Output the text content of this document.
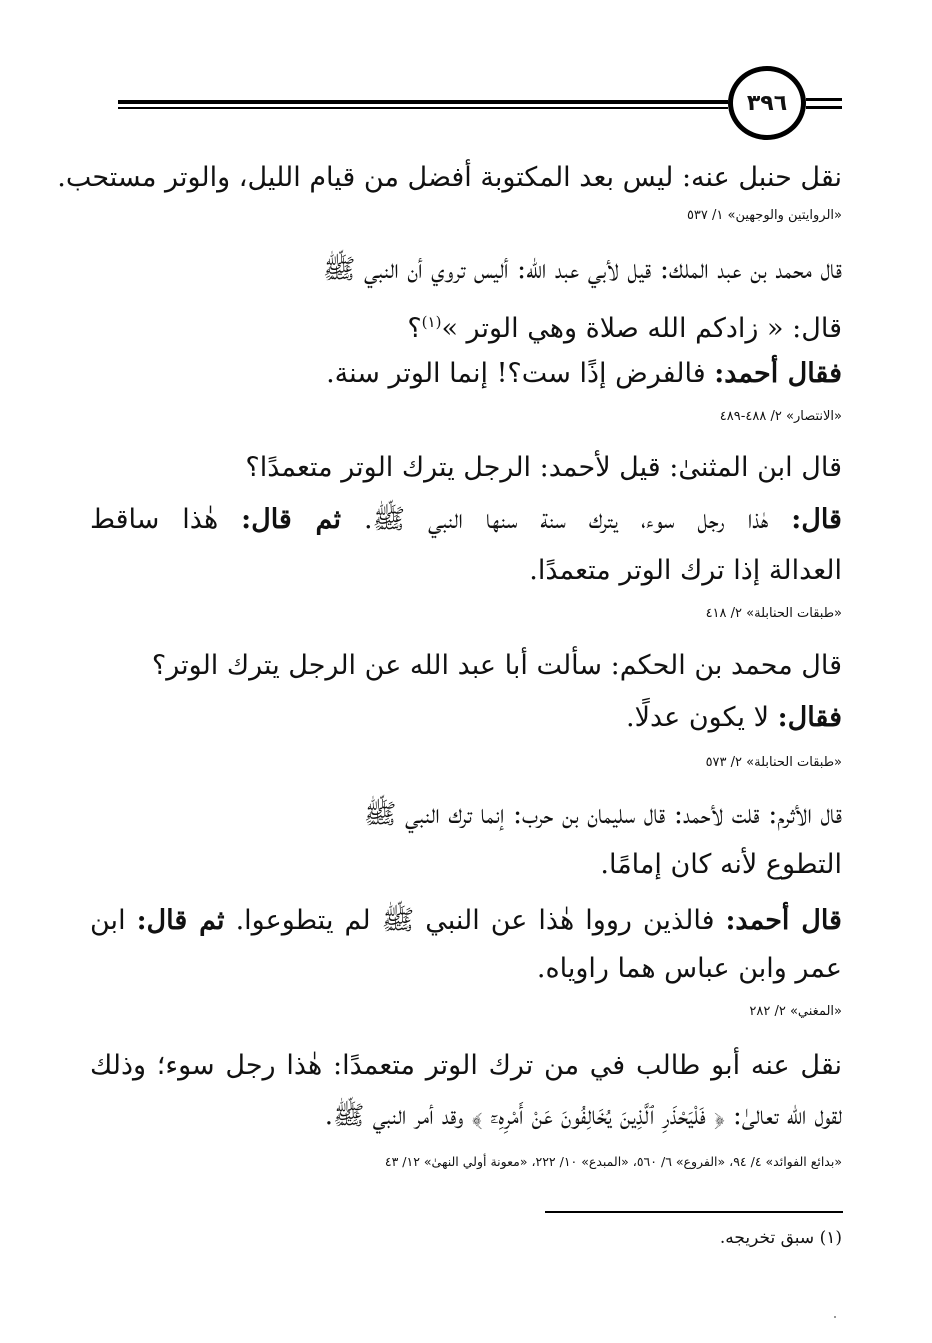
٣٩٦
نقل حنبل عنه: ليس بعد المكتوبة أفضل من قيام الليل، والوتر مستحب.
«الروايتين والوجهين» ١/ ٥٣٧
قال محمد بن عبد الملك: قيل لأبي عبد الله: أليس تروي أن النبي ﷺ
قال: « زادكم الله صلاة وهي الوتر »$^{(١)}$؟
فقال أحمد: فالفرض إذًا ست؟! إنما الوتر سنة.
«الانتصار» ٢/ ٤٨٨-٤٨٩
قال ابن المثنىٰ: قيل لأحمد: الرجل يترك الوتر متعمدًا؟
قال: هٰذا رجل سوء، يترك سنة سنها النبي ﷺ. ثم قال: هٰذا ساقط
العدالة إذا ترك الوتر متعمدًا.
«طبقات الحنابلة» ٢/ ٤١٨
قال محمد بن الحكم: سألت أبا عبد الله عن الرجل يترك الوتر؟
فقال: لا يكون عدلًا.
«طبقات الحنابلة» ٢/ ٥٧٣
قال الأثرم: قلت لأحمد: قال سليمان بن حرب: إنما ترك النبي ﷺ
التطوع لأنه كان إمامًا.
قال أحمد: فالذين رووا هٰذا عن النبي ﷺ لم يتطوعوا. ثم قال: ابن
عمر وابن عباس هما راوياه.
«المغني» ٢/ ٢٨٢
نقل عنه أبو طالب في من ترك الوتر متعمدًا: هٰذا رجل سوء؛ وذلك
لقول الله تعالىٰ: ﴿ فَلْيَحْذَرِ ٱلَّذِينَ يُخَالِفُونَ عَنْ أَمْرِهِۦٓ ﴾ وقد أمر النبي ﷺ.
«بدائع الفوائد» ٤/ ٩٤، «الفروع» ٦/ ٥٦٠، «المبدع» ١٠/ ٢٢٢، «معونة أولي النهىٰ» ١٢/ ٤٣
(١) سبق تخريجه.
